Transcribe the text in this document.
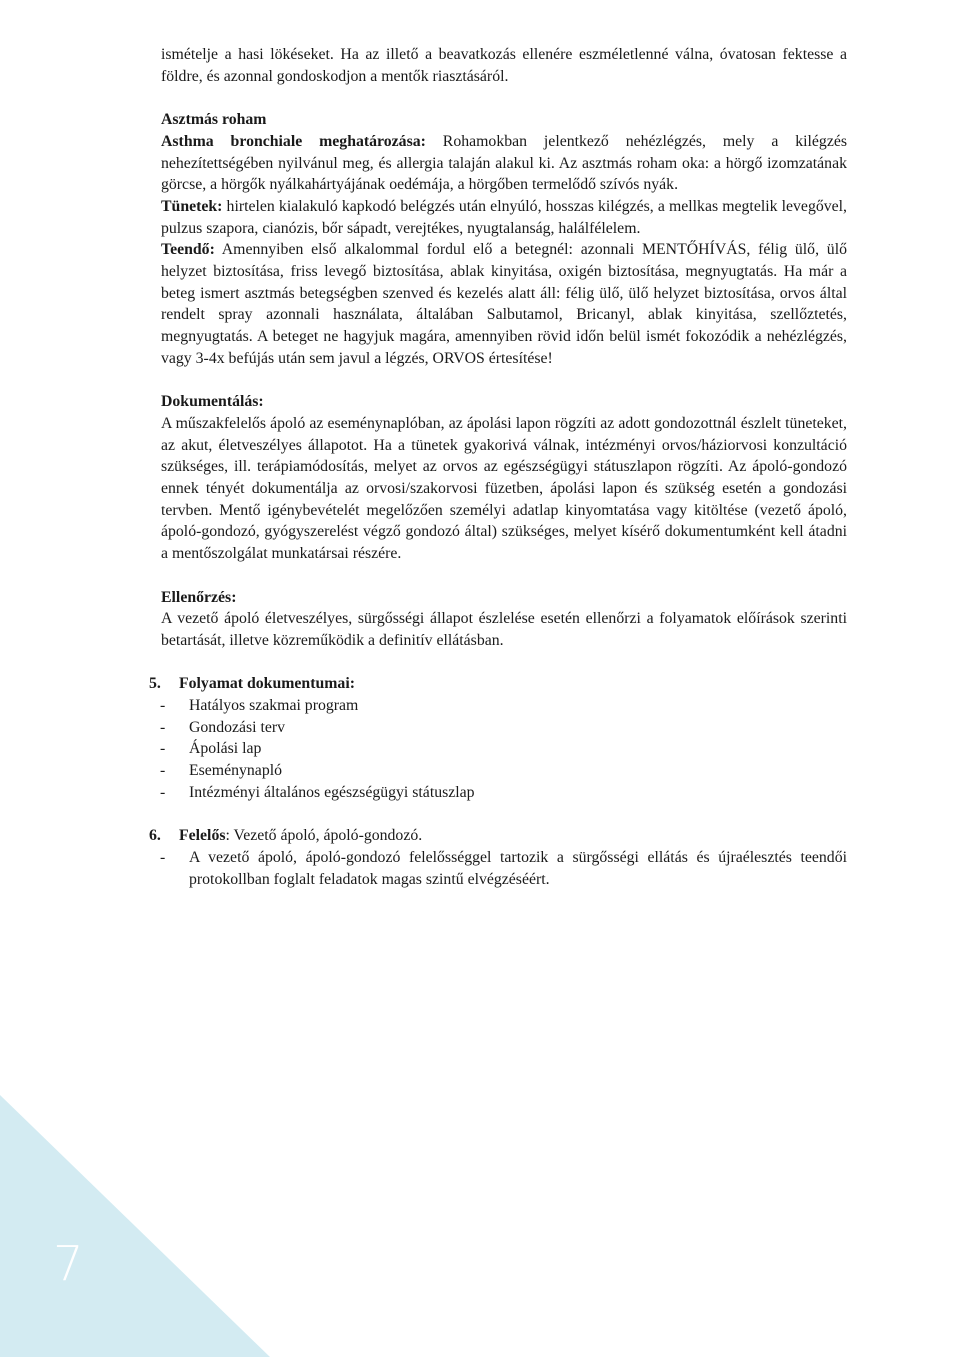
7

ismételje a hasi lökéseket. Ha az illető a beavatkozás ellenére eszméletlenné válna, óvatosan fektesse a földre, és azonnal gondoskodjon a mentők riasztásáról.

Asztmás roham

Asthma bronchiale meghatározása: Rohamokban jelentkező nehézlégzés, mely a kilégzés nehezítettségében nyilvánul meg, és allergia talaján alakul ki. Az asztmás roham oka: a hörgő izomzatának görcse, a hörgők nyálkahártyájának oedémája, a hörgőben termelődő szívós nyák.

Tünetek: hirtelen kialakuló kapkodó belégzés után elnyúló, hosszas kilégzés, a mellkas megtelik levegővel, pulzus szapora, cianózis, bőr sápadt, verejtékes, nyugtalanság, halálfélelem.

Teendő: Amennyiben első alkalommal fordul elő a betegnél: azonnali MENTŐHÍVÁS, félig ülő, ülő helyzet biztosítása, friss levegő biztosítása, ablak kinyitása, oxigén biztosítása, megnyugtatás. Ha már a beteg ismert asztmás betegségben szenved és kezelés alatt áll: félig ülő, ülő helyzet biztosítása, orvos által rendelt spray azonnali használata, általában Salbutamol, Bricanyl, ablak kinyitása, szellőztetés, megnyugtatás. A beteget ne hagyjuk magára, amennyiben rövid időn belül ismét fokozódik a nehézlégzés, vagy 3-4x befújás után sem javul a légzés, ORVOS értesítése!

Dokumentálás:

A műszakfelelős ápoló az eseménynaplóban, az ápolási lapon rögzíti az adott gondozottnál észlelt tüneteket, az akut, életveszélyes állapotot. Ha a tünetek gyakorivá válnak, intézményi orvos/háziorvosi konzultáció szükséges, ill. terápiamódosítás, melyet az orvos az egészségügyi státuszlapon rögzíti. Az ápoló-gondozó ennek tényét dokumentálja az orvosi/szakorvosi füzetben, ápolási lapon és szükség esetén a gondozási tervben. Mentő igénybevételét megelőzően személyi adatlap kinyomtatása vagy kitöltése (vezető ápoló, ápoló-gondozó, gyógyszerelést végző gondozó által) szükséges, melyet kísérő dokumentumként kell átadni a mentőszolgálat munkatársai részére.

Ellenőrzés:

A vezető ápoló életveszélyes, sürgősségi állapot észlelése esetén ellenőrzi a folyamatok előírások szerinti betartását, illetve közreműködik a definitív ellátásban.

5.	Folyamat dokumentumai:
-	Hatályos szakmai program
-	Gondozási terv
-	Ápolási lap
-	Eseménynapló
-	Intézményi általános egészségügyi státuszlap
6.	Felelős: Vezető ápoló, ápoló-gondozó.
-	A vezető ápoló, ápoló-gondozó felelősséggel tartozik a sürgősségi ellátás és újraélesztés teendői protokollban foglalt feladatok magas szintű elvégzéséért.
